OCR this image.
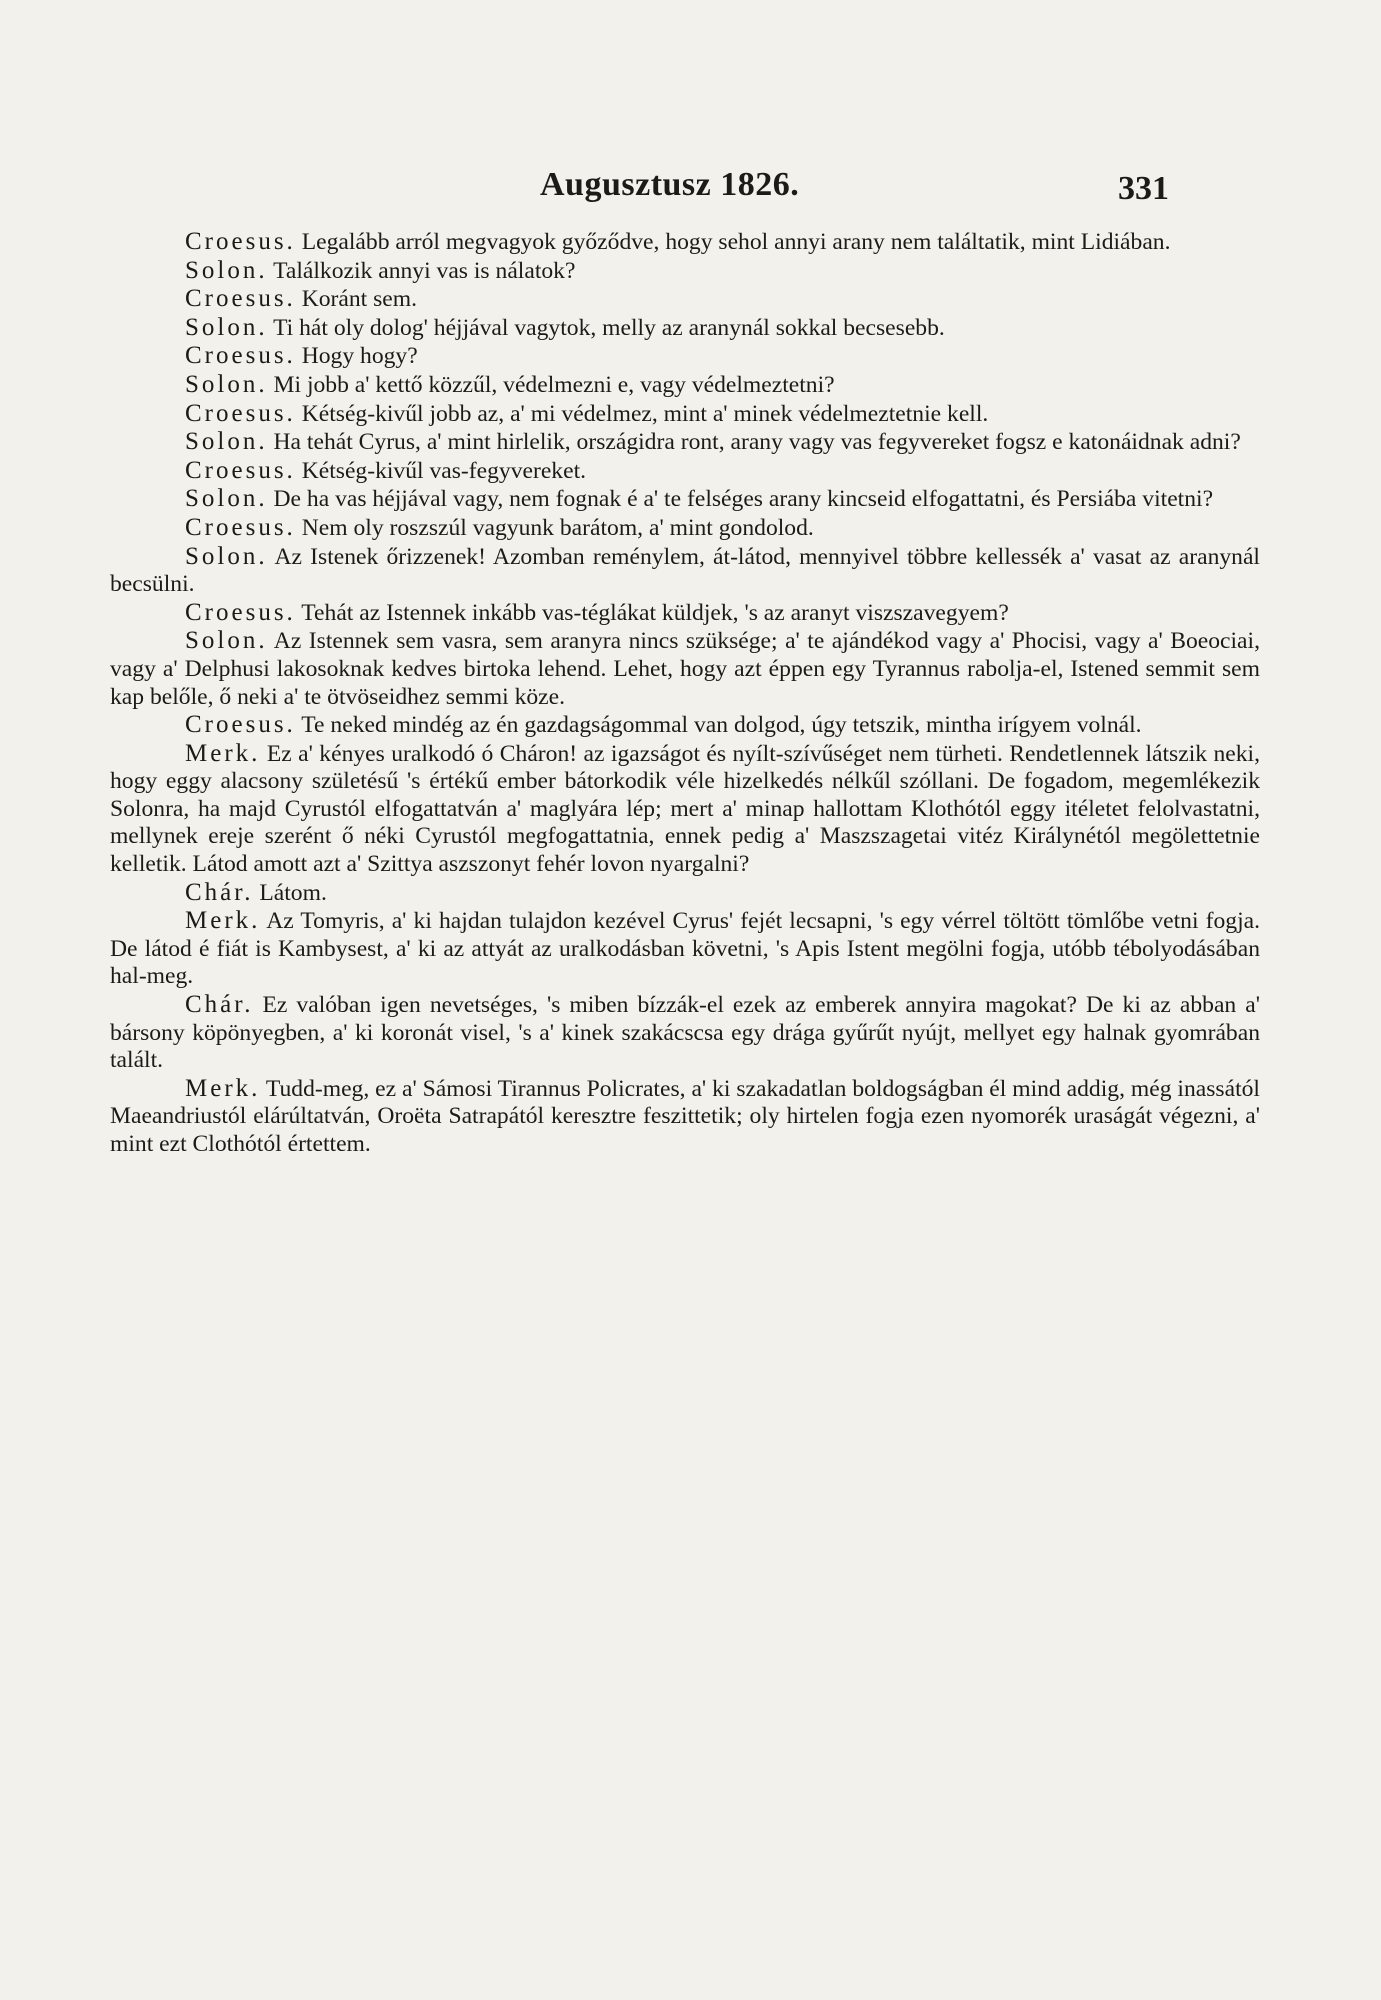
Augusztusz 1826.	331

Croesus. Legalább arról megvagyok győződve, hogy sehol annyi arany nem találtatik, mint Lidiában.

Solon. Találkozik annyi vas is nálatok?

Croesus. Koránt sem.

Solon. Ti hát oly dolog' héjjával vagytok, melly az aranynál sokkal becsesebb.

Croesus. Hogy hogy?

Solon. Mi jobb a' kettő közzűl, védelmezni e, vagy védelmeztetni?

Croesus. Kétség-kivűl jobb az, a' mi védelmez, mint a' minek védelmeztetnie kell.

Solon. Ha tehát Cyrus, a' mint hirlelik, országidra ront, arany vagy vas fegyvereket fogsz e katonáidnak adni?

Croesus. Kétség-kivűl vas-fegyvereket.

Solon. De ha vas héjjával vagy, nem fognak é a' te felséges arany kincseid elfogattatni, és Persiába vitetni?

Croesus. Nem oly roszszúl vagyunk barátom, a' mint gondolod.

Solon. Az Istenek őrizzenek! Azomban reménylem, át-látod, mennyivel többre kellessék a' vasat az aranynál becsülni.

Croesus. Tehát az Istennek inkább vas-téglákat küldjek, 's az aranyt viszszavegyem?

Solon. Az Istennek sem vasra, sem aranyra nincs szüksége; a' te ajándékod vagy a' Phocisi, vagy a' Boeociai, vagy a' Delphusi lakosoknak kedves birtoka lehend. Lehet, hogy azt éppen egy Tyrannus rabolja-el, Istened semmit sem kap belőle, ő neki a' te ötvöseidhez semmi köze.

Croesus. Te neked mindég az én gazdagságommal van dolgod, úgy tetszik, mintha irígyem volnál.

Merk. Ez a' kényes uralkodó ó Cháron! az igazságot és nyílt-szívűséget nem türheti. Rendetlennek látszik neki, hogy eggy alacsony születésű 's értékű ember bátorkodik véle hizelkedés nélkűl szóllani. De fogadom, megemlékezik Solonra, ha majd Cyrustól elfogattatván a' maglyára lép; mert a' minap hallottam Klothótól eggy itéletet felolvastatni, mellynek ereje szerént ő néki Cyrustól megfogattatnia, ennek pedig a' Maszszagetai vitéz Királynétól megölettetnie kelletik. Látod amott azt a' Szittya aszszonyt fehér lovon nyargalni?

Chár. Látom.

Merk. Az Tomyris, a' ki hajdan tulajdon kezével Cyrus' fejét lecsapni, 's egy vérrel töltött tömlőbe vetni fogja. De látod é fiát is Kambysest, a' ki az attyát az uralkodásban követni, 's Apis Istent megölni fogja, utóbb tébolyodásában hal-meg.

Chár. Ez valóban igen nevetséges, 's miben bízzák-el ezek az emberek annyira magokat? De ki az abban a' bársony köpönyegben, a' ki koronát visel, 's a' kinek szakácscsa egy drága gyűrűt nyújt, mellyet egy halnak gyomrában talált.

Merk. Tudd-meg, ez a' Sámosi Tirannus Policrates, a' ki szakadatlan boldogságban él mind addig, még inassától Maeandriustól elárúltatván, Oroëta Satrapától keresztre feszittetik; oly hirtelen fogja ezen nyomorék uraságát végezni, a' mint ezt Clothótól értettem.
